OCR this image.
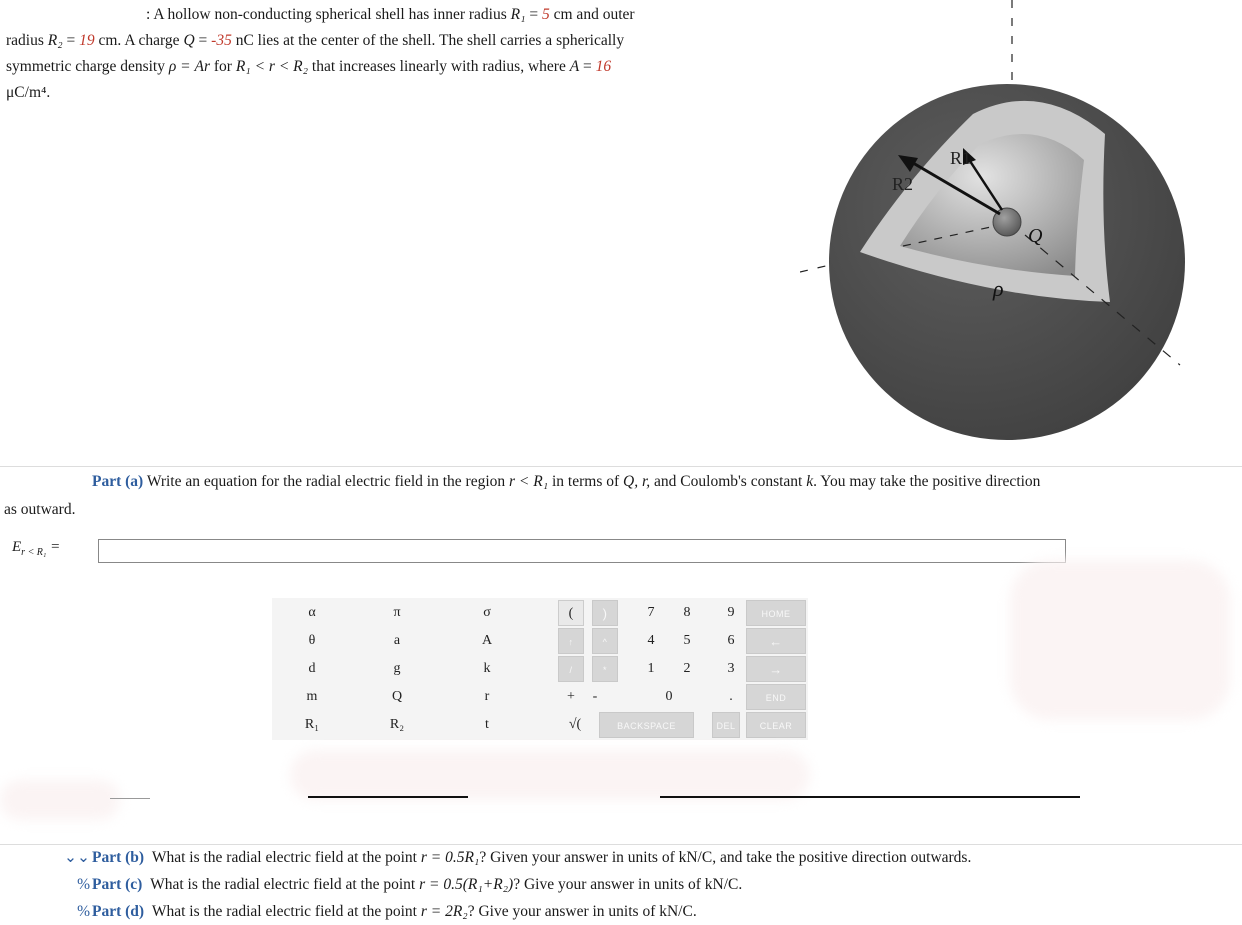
: A hollow non-conducting spherical shell has inner radius R₁ = 5 cm and outer
radius R₂ = 19 cm. A charge Q = -35 nC lies at the center of the shell. The shell carries a spherically
symmetric charge density ρ = Ar for R₁ < r < R₂ that increases linearly with radius, where A = 16
μC/m⁴.
R1
R2
Q
ρ
Part (a) Write an equation for the radial electric field in the region r < R₁ in terms of Q, r, and Coulomb's constant k. You may take the positive direction
as outward.
$E_{r < R_1}$ =
α	π	σ
θ	a	A
d	g	k
m	Q	r
R₁	R₂	t
(	)
↑	^
/	*
+	-
√(	BACKSPACE
7	8	9
4	5	6
1	2	3
0	.
DEL
HOME
←
→
END
CLEAR
⌄⌄ Part (b) What is the radial electric field at the point r = 0.5R₁? Given your answer in units of kN/C, and take the positive direction outwards.
% Part (c) What is the radial electric field at the point r = 0.5(R₁+R₂)? Give your answer in units of kN/C.
% Part (d) What is the radial electric field at the point r = 2R₂? Give your answer in units of kN/C.
